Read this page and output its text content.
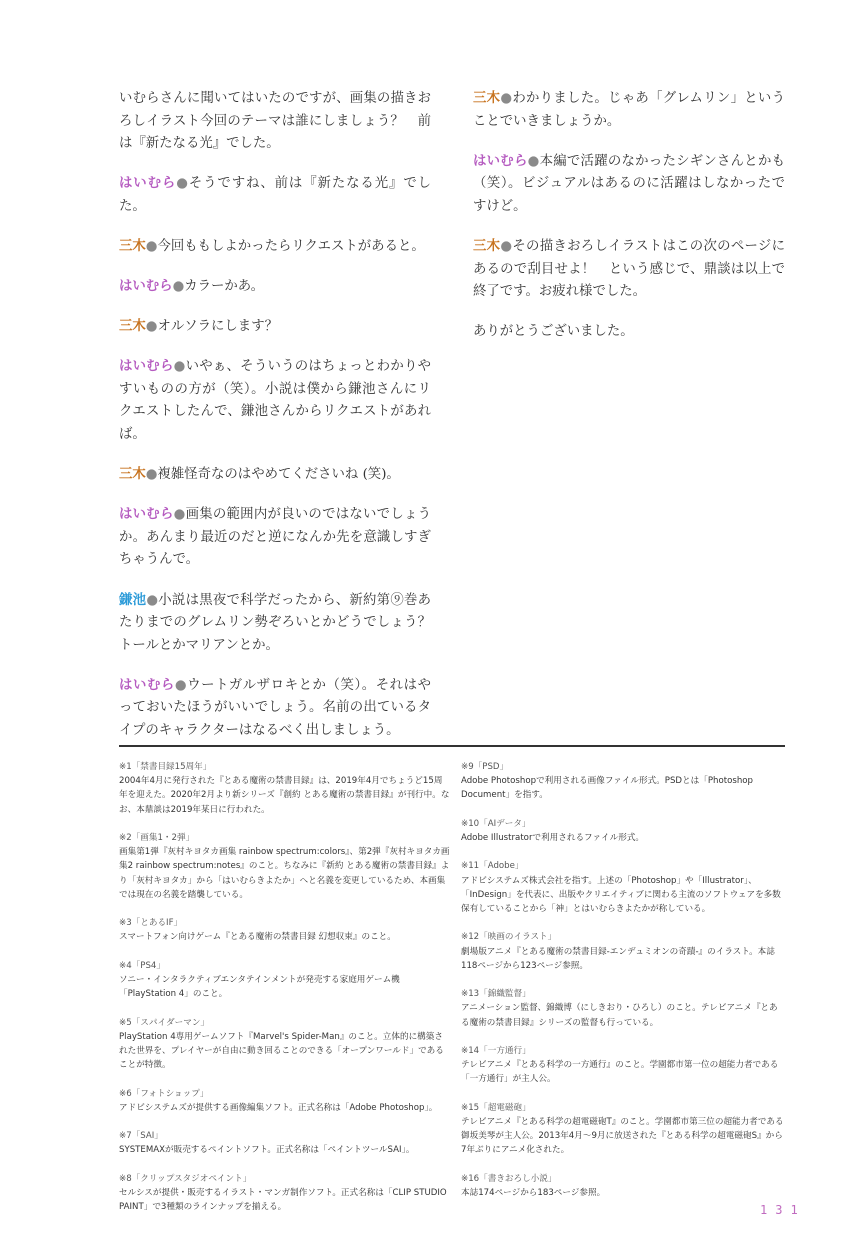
いむらさんに聞いてはいたのですが、画集の描きおろしイラスト今回のテーマは誰にしましょう？　前は『新たなる光』でした。

はいむら●そうですね、前は『新たなる光』でした。

三木●今回ももしよかったらリクエストがあると。

はいむら●カラーかあ。

三木●オルソラにします？

はいむら●いやぁ、そういうのはちょっとわかりやすいものの方が（笑）。小説は僕から鎌池さんにリクエストしたんで、鎌池さんからリクエストがあれば。

三木●複雑怪奇なのはやめてくださいね (笑)。

はいむら●画集の範囲内が良いのではないでしょうか。あんまり最近のだと逆になんか先を意識しすぎちゃうんで。

鎌池●小説は黒夜で科学だったから、新約第⑨巻あたりまでのグレムリン勢ぞろいとかどうでしょう？　トールとかマリアンとか。

はいむら●ウートガルザロキとか（笑）。それはやっておいたほうがいいでしょう。名前の出ているタイプのキャラクターはなるべく出しましょう。

三木●わかりました。じゃあ「グレムリン」ということでいきましょうか。

はいむら●本編で活躍のなかったシギンさんとかも（笑）。ビジュアルはあるのに活躍はしなかったですけど。

三木●その描きおろしイラストはこの次のページにあるので刮目せよ！　という感じで、鼎談は以上で終了です。お疲れ様でした。

ありがとうございました。

※1「禁書目録15周年」
2004年4月に発行された『とある魔術の禁書目録』は、2019年4月でちょうど15周年を迎えた。2020年2月より新シリーズ『創約 とある魔術の禁書目録』が刊行中。なお、本鼎談は2019年某日に行われた。
※2「画集1・2弾」
画集第1弾『灰村キヨタカ画集 rainbow spectrum:colors』、第2弾『灰村キヨタカ画集2 rainbow spectrum:notes』のこと。ちなみに『新約 とある魔術の禁書目録』より「灰村キヨタカ」から「はいむらきよたか」へと名義を変更しているため、本画集では現在の名義を踏襲している。
※3「とあるIF」
スマートフォン向けゲーム『とある魔術の禁書目録 幻想収束』のこと。
※4「PS4」
ソニー・インタラクティブエンタテインメントが発売する家庭用ゲーム機「PlayStation 4」のこと。
※5「スパイダーマン」
PlayStation 4専用ゲームソフト『Marvel's Spider-Man』のこと。立体的に構築された世界を、プレイヤーが自由に動き回ることのできる「オープンワールド」であることが特徴。
※6「フォトショップ」
アドビシステムズが提供する画像編集ソフト。正式名称は「Adobe Photoshop」。
※7「SAI」
SYSTEMAXが販売するペイントソフト。正式名称は「ペイントツールSAI」。
※8「クリップスタジオペイント」
セルシスが提供・販売するイラスト・マンガ制作ソフト。正式名称は「CLIP STUDIO PAINT」で3種類のラインナップを揃える。
※9「PSD」
Adobe Photoshopで利用される画像ファイル形式。PSDとは「Photoshop Document」を指す。
※10「AIデータ」
Adobe Illustratorで利用されるファイル形式。
※11「Adobe」
アドビシステムズ株式会社を指す。上述の「Photoshop」や「Illustrator」、「InDesign」を代表に、出版やクリエイティブに関わる主流のソフトウェアを多数保有していることから「神」とはいむらきよたかが称している。
※12「映画のイラスト」
劇場版アニメ『とある魔術の禁書目録-エンデュミオンの奇蹟-』のイラスト。本誌118ページから123ページ参照。
※13「錦織監督」
アニメーション監督、錦織博（にしきおり・ひろし）のこと。テレビアニメ『とある魔術の禁書目録』シリーズの監督も行っている。
※14「一方通行」
テレビアニメ『とある科学の一方通行』のこと。学園都市第一位の超能力者である「一方通行」が主人公。
※15「超電磁砲」
テレビアニメ『とある科学の超電磁砲T』のこと。学園都市第三位の超能力者である御坂美琴が主人公。2013年4月～9月に放送された『とある科学の超電磁砲S』から7年ぶりにアニメ化された。
※16「書きおろし小説」
本誌174ページから183ページ参照。
131
